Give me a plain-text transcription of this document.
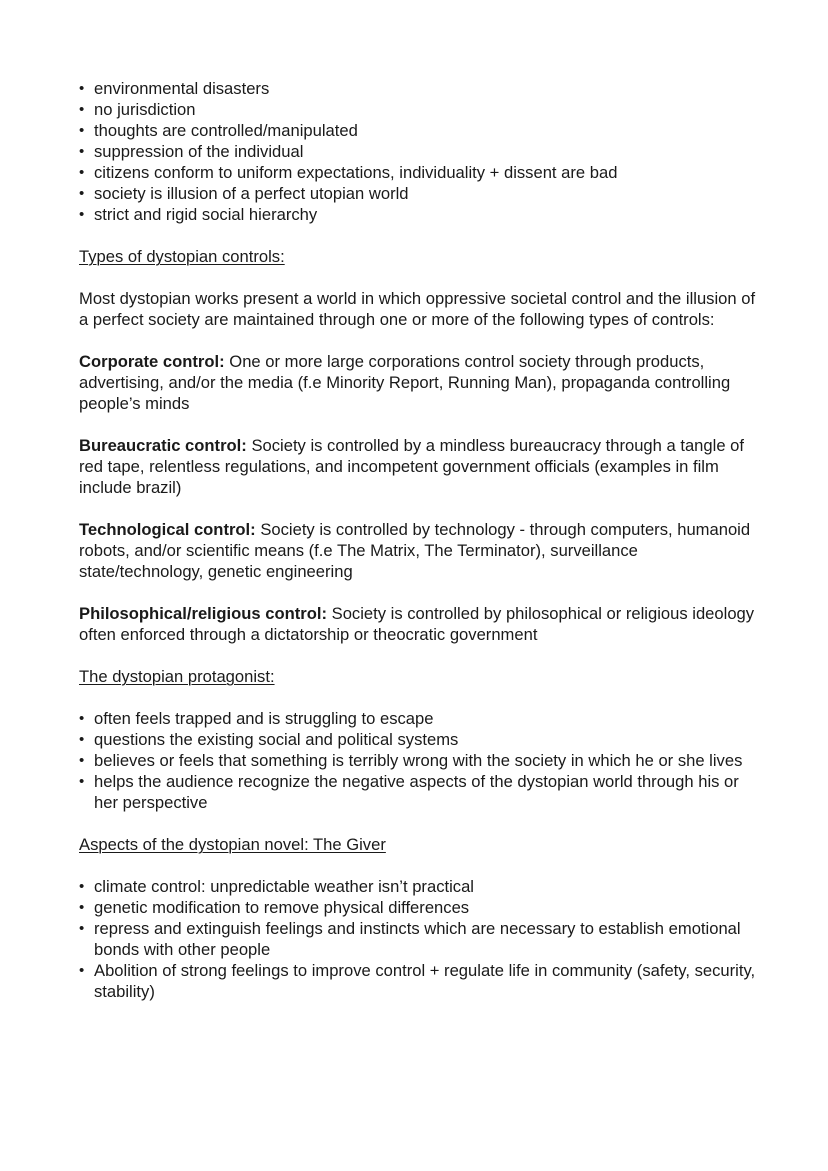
• environmental disasters
• no jurisdiction
• thoughts are controlled/manipulated
• suppression of the individual
• citizens conform to uniform expectations, individuality + dissent are bad
• society is illusion of a perfect utopian world
• strict and rigid social hierarchy
Types of dystopian controls:

Most dystopian works present a world in which oppressive societal control and the illusion of a perfect society are maintained through one or more of the following types of controls:

Corporate control: One or more large corporations control society through products, advertising, and/or the media (f.e Minority Report, Running Man), propaganda controlling people’s minds

Bureaucratic control: Society is controlled by a mindless bureaucracy through a tangle of red tape, relentless regulations, and incompetent government officials (examples in film include brazil)

Technological control: Society is controlled by technology - through computers, humanoid robots, and/or scientific means (f.e The Matrix, The Terminator), surveillance state/technology, genetic engineering

Philosophical/religious control: Society is controlled by philosophical or religious ideology often enforced through a dictatorship or theocratic government

The dystopian protagonist:
• often feels trapped and is struggling to escape
• questions the existing social and political systems
• believes or feels that something is terribly wrong with the society in which he or she lives
• helps the audience recognize the negative aspects of the dystopian world through his or her perspective
Aspects of the dystopian novel: The Giver
• climate control: unpredictable weather isn’t practical
• genetic modification to remove physical differences
• repress and extinguish feelings and instincts which are necessary to establish emotional bonds with other people
• Abolition of strong feelings to improve control + regulate life in community (safety, security, stability)
